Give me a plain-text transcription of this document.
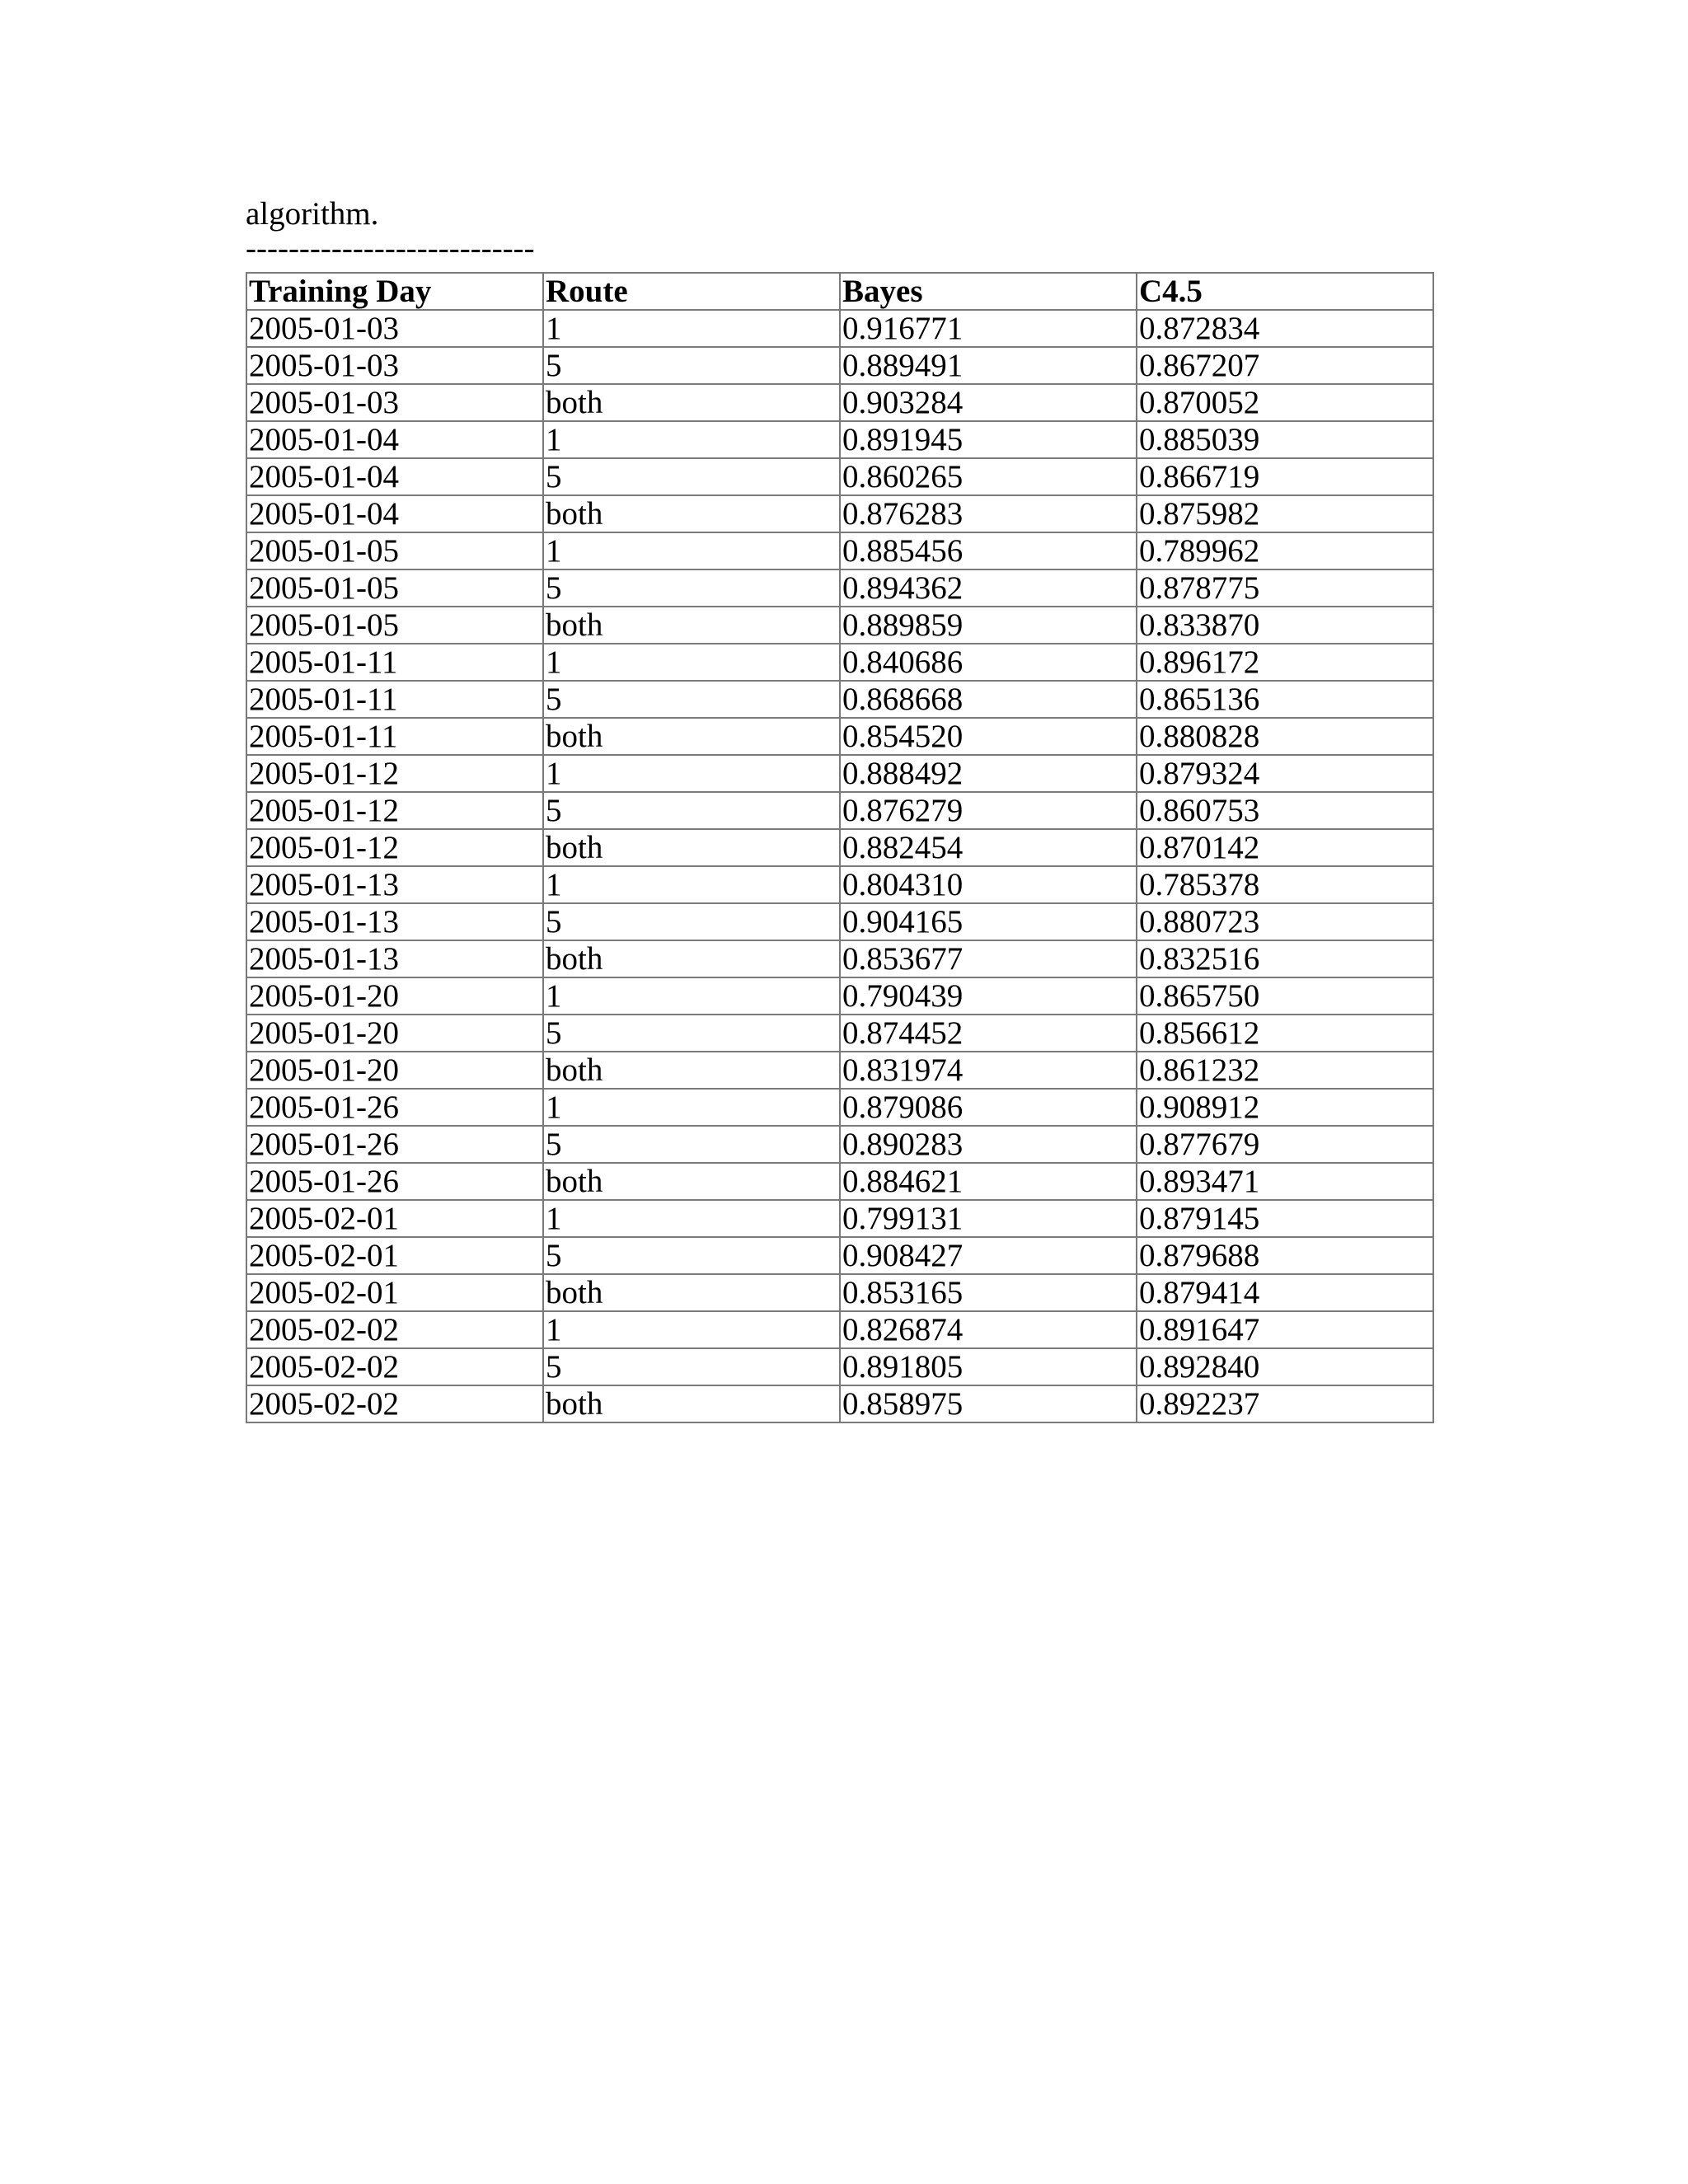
algorithm.
---------------------------
Training Day	Route	Bayes	C4.5
2005-01-03	1	0.916771	0.872834
2005-01-03	5	0.889491	0.867207
2005-01-03	both	0.903284	0.870052
2005-01-04	1	0.891945	0.885039
2005-01-04	5	0.860265	0.866719
2005-01-04	both	0.876283	0.875982
2005-01-05	1	0.885456	0.789962
2005-01-05	5	0.894362	0.878775
2005-01-05	both	0.889859	0.833870
2005-01-11	1	0.840686	0.896172
2005-01-11	5	0.868668	0.865136
2005-01-11	both	0.854520	0.880828
2005-01-12	1	0.888492	0.879324
2005-01-12	5	0.876279	0.860753
2005-01-12	both	0.882454	0.870142
2005-01-13	1	0.804310	0.785378
2005-01-13	5	0.904165	0.880723
2005-01-13	both	0.853677	0.832516
2005-01-20	1	0.790439	0.865750
2005-01-20	5	0.874452	0.856612
2005-01-20	both	0.831974	0.861232
2005-01-26	1	0.879086	0.908912
2005-01-26	5	0.890283	0.877679
2005-01-26	both	0.884621	0.893471
2005-02-01	1	0.799131	0.879145
2005-02-01	5	0.908427	0.879688
2005-02-01	both	0.853165	0.879414
2005-02-02	1	0.826874	0.891647
2005-02-02	5	0.891805	0.892840
2005-02-02	both	0.858975	0.892237
